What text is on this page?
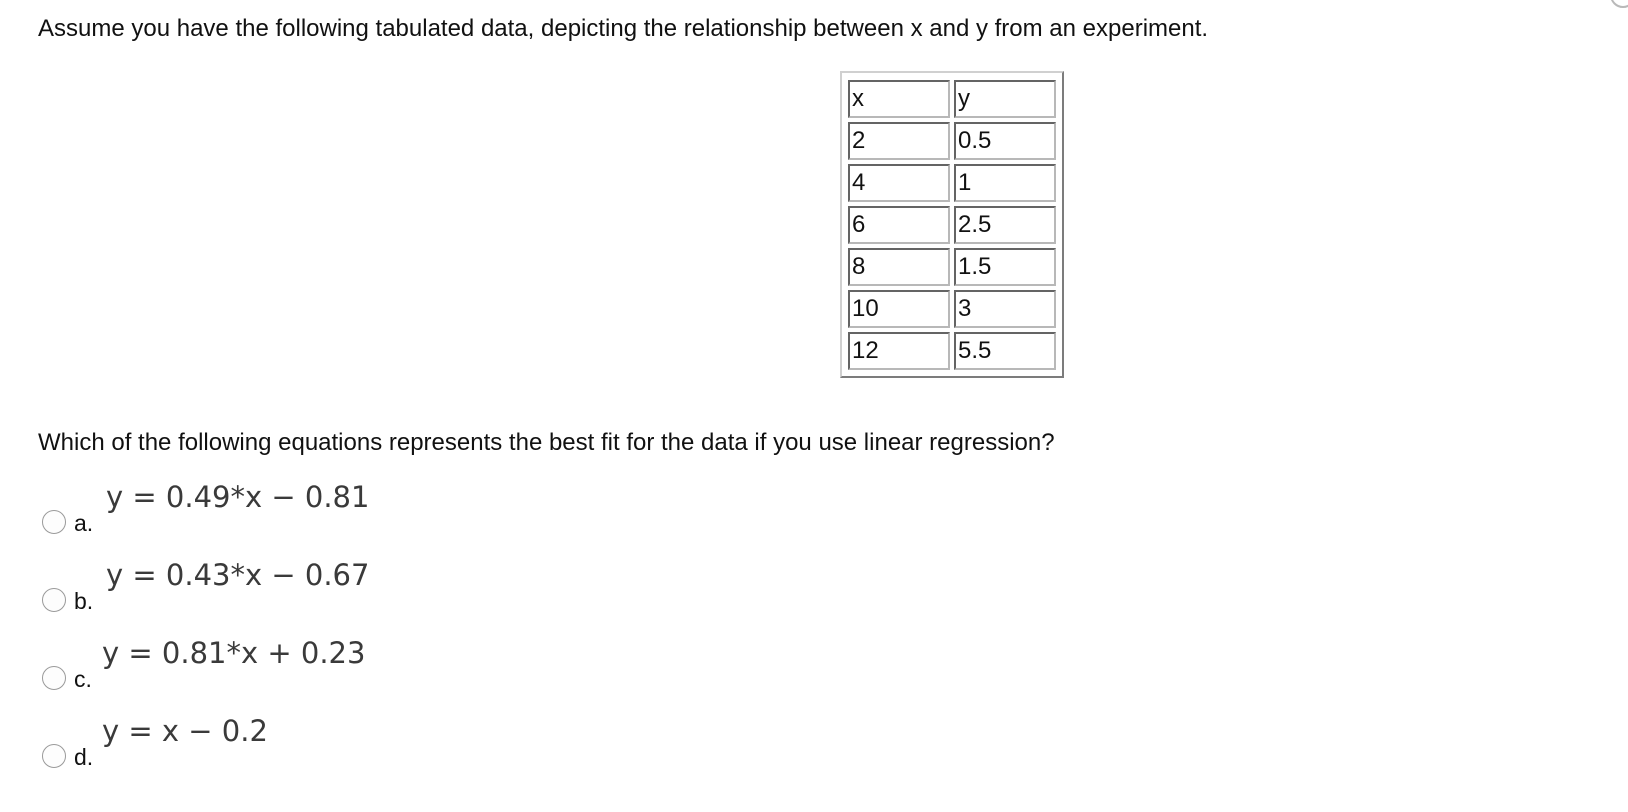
Assume you have the following tabulated data, depicting the relationship between x and y from an experiment.
x	y
2	0.5
4	1
6	2.5
8	1.5
10	3
12	5.5
Which of the following equations represents the best fit for the data if you use linear regression?
a.
y = 0.49*x − 0.81
b.
y = 0.43*x − 0.67
c.
y = 0.81*x + 0.23
d.
y = x − 0.2
